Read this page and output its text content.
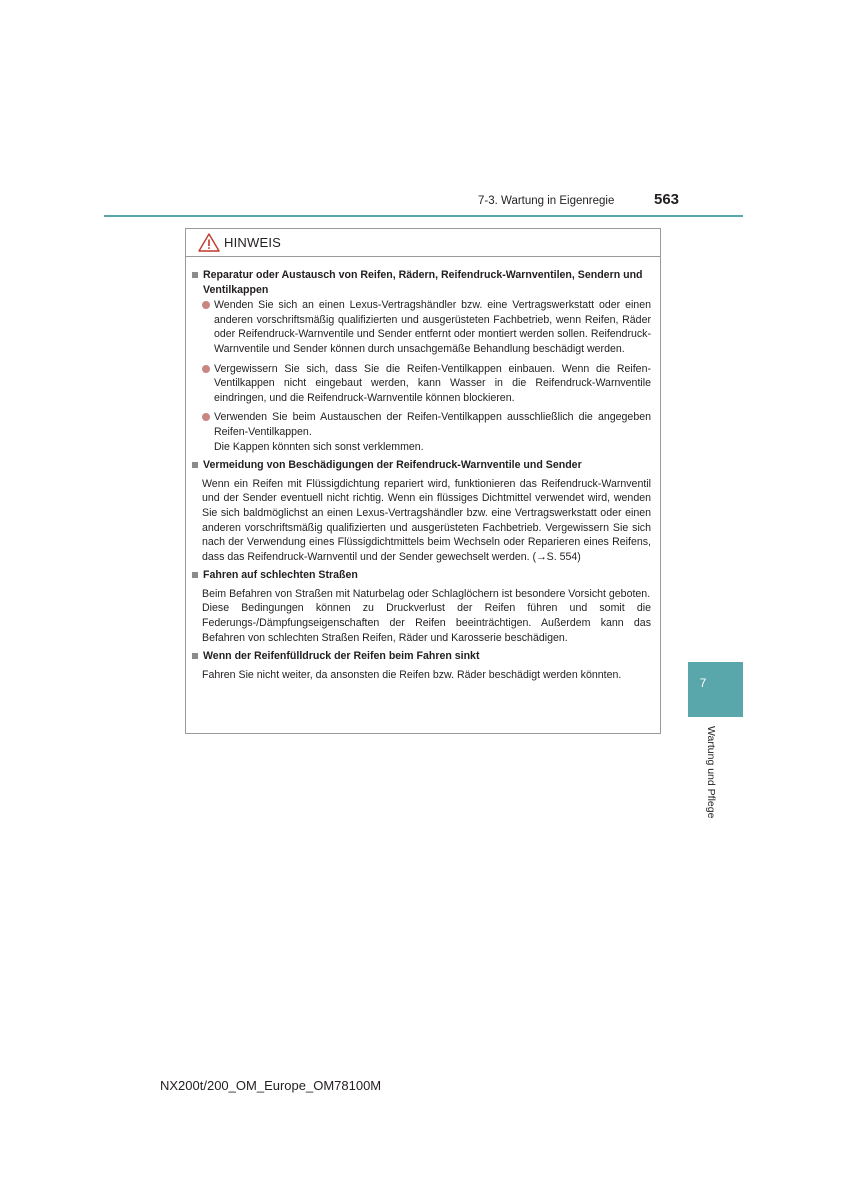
7-3. Wartung in Eigenregie	563
HINWEIS
Reparatur oder Austausch von Reifen, Rädern, Reifendruck-Warnventilen, Sendern und Ventilkappen
Wenden Sie sich an einen Lexus-Vertragshändler bzw. eine Vertragswerkstatt oder einen anderen vorschriftsmäßig qualifizierten und ausgerüsteten Fachbetrieb, wenn Reifen, Räder oder Reifendruck-Warnventile und Sender entfernt oder montiert werden sollen. Reifendruck-Warnventile und Sender können durch unsachgemäße Behandlung beschädigt werden.
Vergewissern Sie sich, dass Sie die Reifen-Ventilkappen einbauen. Wenn die Reifen-Ventilkappen nicht eingebaut werden, kann Wasser in die Reifendruck-Warnventile eindringen, und die Reifendruck-Warnventile können blockieren.
Verwenden Sie beim Austauschen der Reifen-Ventilkappen ausschließlich die angegeben Reifen-Ventilkappen.
Die Kappen könnten sich sonst verklemmen.
Vermeidung von Beschädigungen der Reifendruck-Warnventile und Sender
Wenn ein Reifen mit Flüssigdichtung repariert wird, funktionieren das Reifendruck-Warnventil und der Sender eventuell nicht richtig. Wenn ein flüssiges Dichtmittel verwendet wird, wenden Sie sich baldmöglichst an einen Lexus-Vertragshändler bzw. eine Vertragswerkstatt oder einen anderen vorschriftsmäßig qualifizierten und ausgerüsteten Fachbetrieb. Vergewissern Sie sich nach der Verwendung eines Flüssigdichtmittels beim Wechseln oder Reparieren eines Reifens, dass das Reifendruck-Warnventil und der Sender gewechselt werden. (→S. 554)
Fahren auf schlechten Straßen
Beim Befahren von Straßen mit Naturbelag oder Schlaglöchern ist besondere Vorsicht geboten.
Diese Bedingungen können zu Druckverlust der Reifen führen und somit die Federungs-/Dämpfungseigenschaften der Reifen beeinträchtigen. Außerdem kann das Befahren von schlechten Straßen Reifen, Räder und Karosserie beschädigen.
Wenn der Reifenfülldruck der Reifen beim Fahren sinkt
Fahren Sie nicht weiter, da ansonsten die Reifen bzw. Räder beschädigt werden könnten.
7
Wartung und Pflege
NX200t/200_OM_Europe_OM78100M
